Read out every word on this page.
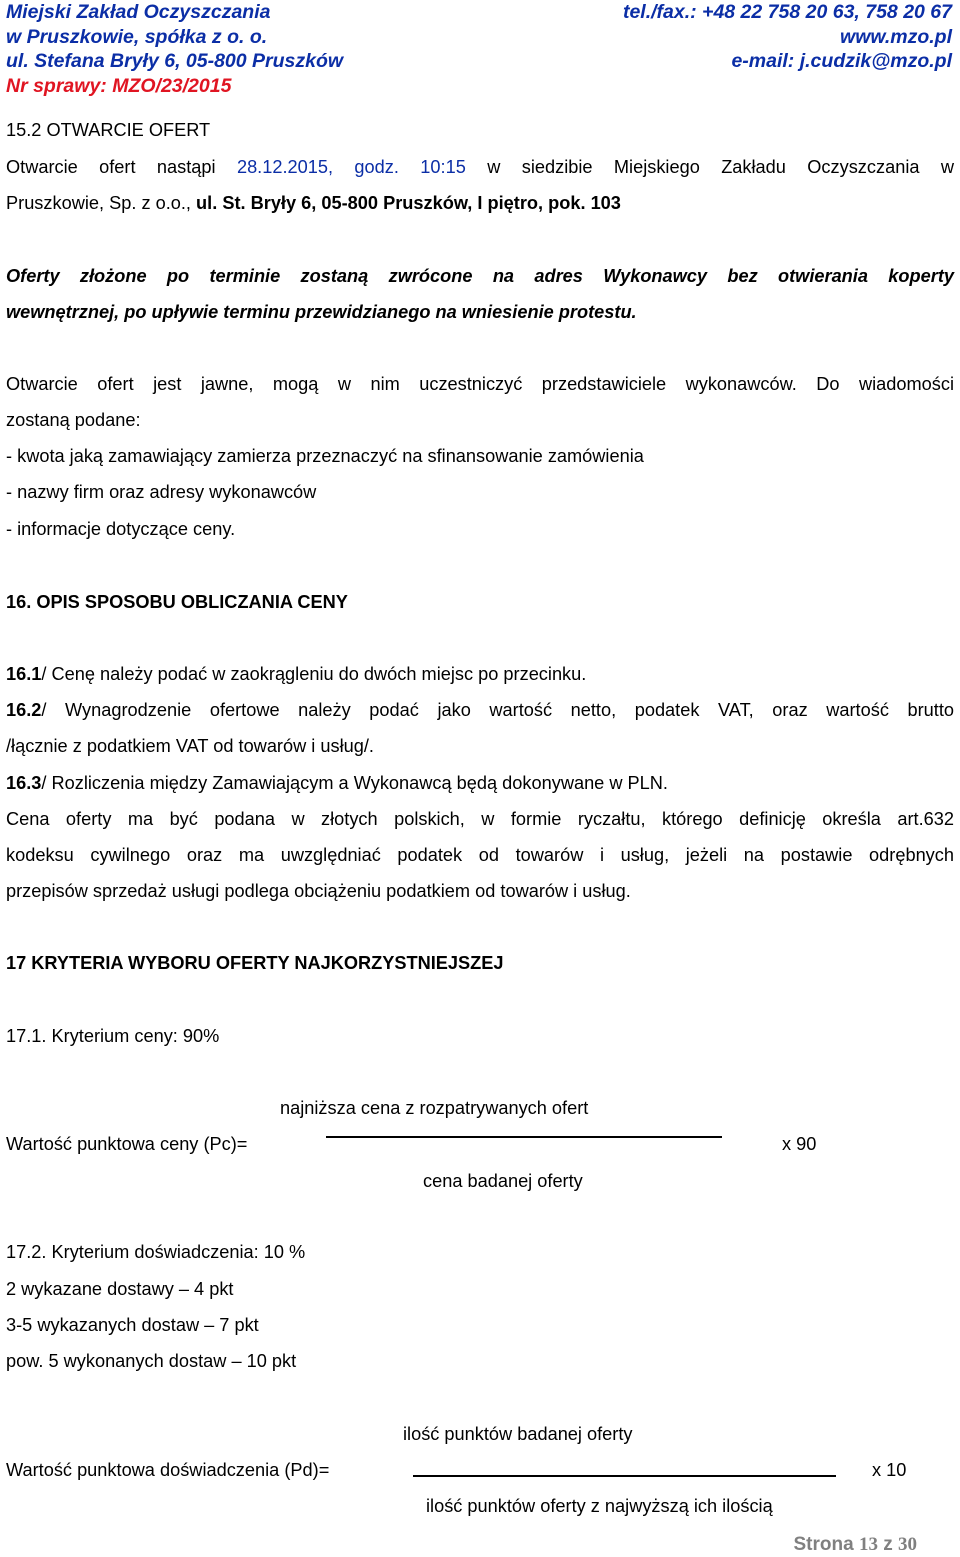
Miejski Zakład Oczyszczania	tel./fax.: +48 22 758 20 63, 758 20 67
w Pruszkowie, spółka z o. o.	www.mzo.pl
ul. Stefana Bryły 6, 05-800 Pruszków	e-mail: j.cudzik@mzo.pl
Nr sprawy: MZO/23/2015
15.2 OTWARCIE OFERT
Otwarcie ofert nastąpi 28.12.2015, godz. 10:15 w siedzibie Miejskiego Zakładu Oczyszczania w
Pruszkowie, Sp. z o.o., ul. St. Bryły 6, 05-800 Pruszków, I piętro, pok. 103
Oferty złożone po terminie zostaną zwrócone na adres Wykonawcy bez otwierania koperty
wewnętrznej, po upływie terminu przewidzianego na wniesienie protestu.
Otwarcie ofert jest jawne, mogą w nim uczestniczyć przedstawiciele wykonawców. Do wiadomości
zostaną podane:
- kwota jaką zamawiający zamierza przeznaczyć na sfinansowanie zamówienia
- nazwy firm oraz adresy wykonawców
- informacje dotyczące ceny.
16. OPIS SPOSOBU OBLICZANIA CENY
16.1/ Cenę należy podać w zaokrągleniu do dwóch miejsc po przecinku.
16.2/ Wynagrodzenie ofertowe należy podać jako wartość netto, podatek VAT, oraz wartość brutto
/łącznie z podatkiem VAT od towarów i usług/.
16.3/ Rozliczenia między Zamawiającym a Wykonawcą będą dokonywane w PLN.
Cena oferty ma być podana w złotych polskich, w formie ryczałtu, którego definicję określa art.632
kodeksu cywilnego oraz ma uwzględniać podatek od towarów i usług, jeżeli na postawie odrębnych
przepisów sprzedaż usługi podlega obciążeniu podatkiem od towarów i usług.
17 KRYTERIA WYBORU OFERTY NAJKORZYSTNIEJSZEJ
17.1. Kryterium ceny: 90%
najniższa cena z rozpatrywanych ofert
Wartość punktowa ceny (Pc)=	x 90
cena badanej oferty
17.2. Kryterium doświadczenia: 10 %
2 wykazane dostawy – 4 pkt
3-5 wykazanych dostaw – 7 pkt
pow. 5 wykonanych dostaw – 10 pkt
ilość punktów badanej oferty
Wartość punktowa doświadczenia (Pd)=	x 10
ilość punktów oferty z najwyższą ich ilością
Strona 13 z 30
